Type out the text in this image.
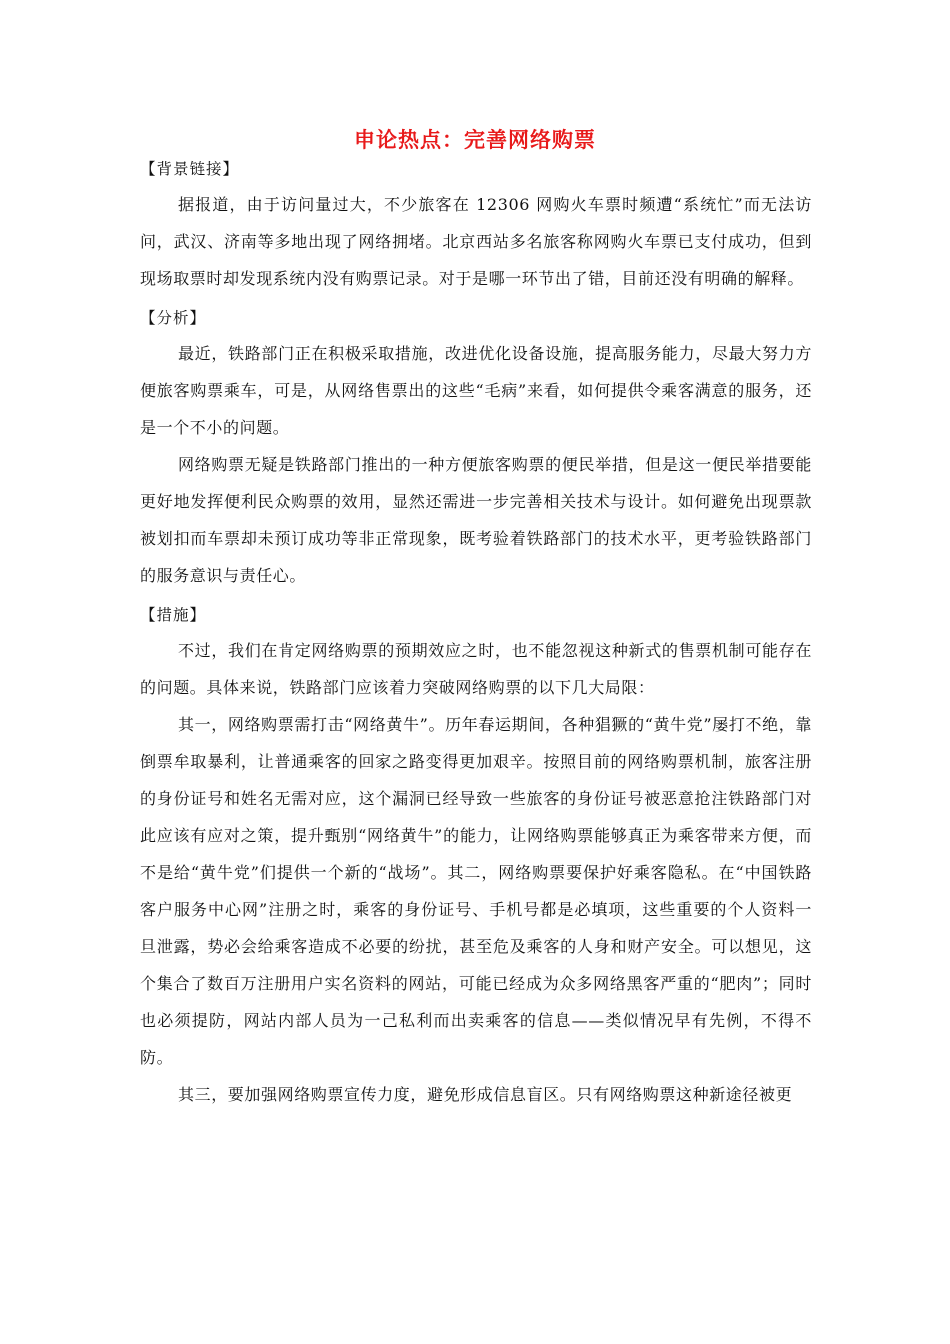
申论热点：完善网络购票

【背景链接】

据报道，由于访问量过大，不少旅客在 12306 网购火车票时频遭“系统忙”而无法访问，武汉、济南等多地出现了网络拥堵。北京西站多名旅客称网购火车票已支付成功，但到现场取票时却发现系统内没有购票记录。对于是哪一环节出了错，目前还没有明确的解释。

【分析】

最近，铁路部门正在积极采取措施，改进优化设备设施，提高服务能力，尽最大努力方便旅客购票乘车，可是，从网络售票出的这些“毛病”来看，如何提供令乘客满意的服务，还是一个不小的问题。

网络购票无疑是铁路部门推出的一种方便旅客购票的便民举措，但是这一便民举措要能更好地发挥便利民众购票的效用，显然还需进一步完善相关技术与设计。如何避免出现票款被划扣而车票却未预订成功等非正常现象，既考验着铁路部门的技术水平，更考验铁路部门的服务意识与责任心。

【措施】

不过，我们在肯定网络购票的预期效应之时，也不能忽视这种新式的售票机制可能存在的问题。具体来说，铁路部门应该着力突破网络购票的以下几大局限：

其一，网络购票需打击“网络黄牛”。历年春运期间，各种猖獗的“黄牛党”屡打不绝，靠倒票牟取暴利，让普通乘客的回家之路变得更加艰辛。按照目前的网络购票机制，旅客注册的身份证号和姓名无需对应，这个漏洞已经导致一些旅客的身份证号被恶意抢注铁路部门对此应该有应对之策，提升甄别“网络黄牛”的能力，让网络购票能够真正为乘客带来方便，而不是给“黄牛党”们提供一个新的“战场”。其二，网络购票要保护好乘客隐私。在“中国铁路客户服务中心网”注册之时，乘客的身份证号、手机号都是必填项，这些重要的个人资料一旦泄露，势必会给乘客造成不必要的纷扰，甚至危及乘客的人身和财产安全。可以想见，这个集合了数百万注册用户实名资料的网站，可能已经成为众多网络黑客严重的“肥肉”；同时也必须提防，网站内部人员为一己私利而出卖乘客的信息——类似情况早有先例，不得不防。

其三，要加强网络购票宣传力度，避免形成信息盲区。只有网络购票这种新途径被更
